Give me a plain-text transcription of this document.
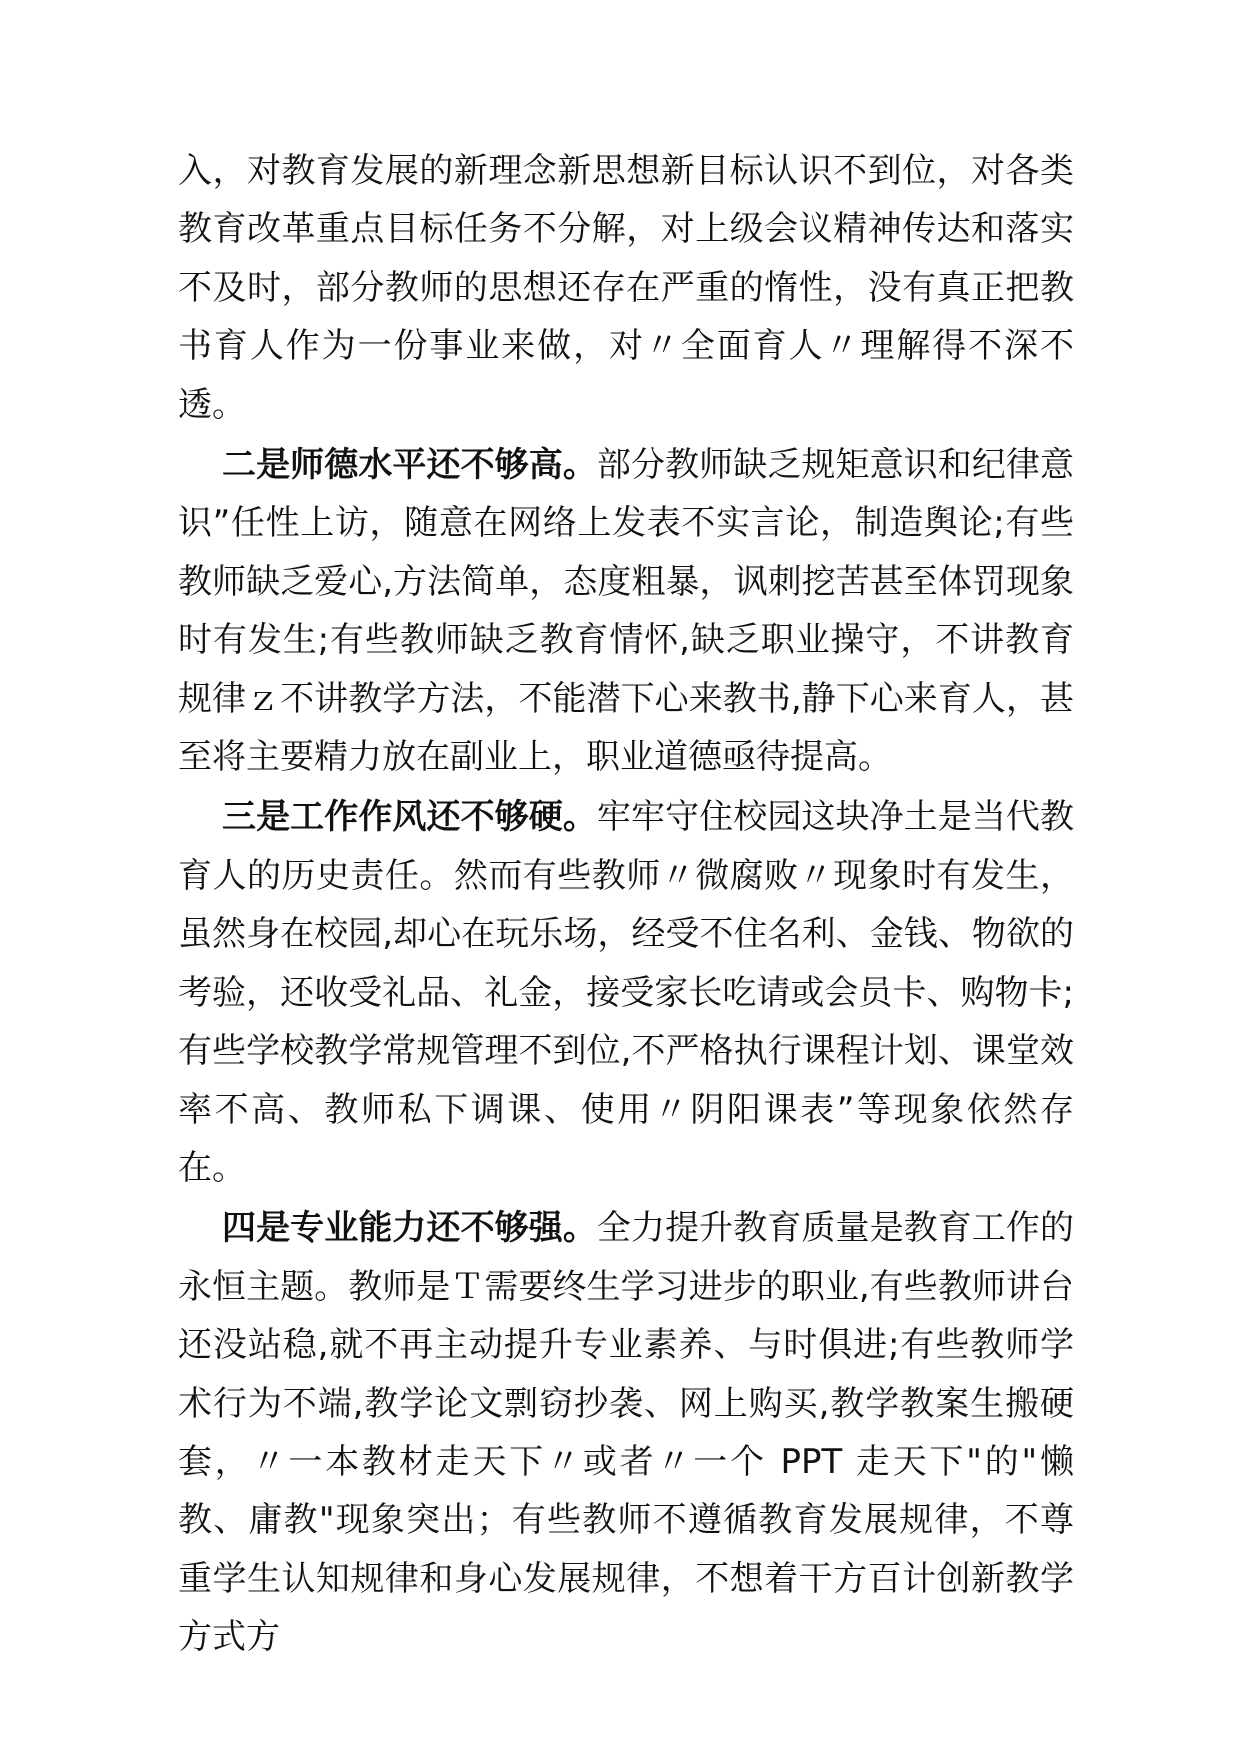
入，对教育发展的新理念新思想新目标认识不到位，对各类教育改革重点目标任务不分解，对上级会议精神传达和落实不及时，部分教师的思想还存在严重的惰性，没有真正把教书育人作为一份事业来做，对〃全面育人〃理解得不深不透。

二是师德水平还不够高。部分教师缺乏规矩意识和纪律意识”任性上访，随意在网络上发表不实言论，制造舆论;有些教师缺乏爱心,方法简单，态度粗暴，讽刺挖苦甚至体罚现象时有发生;有些教师缺乏教育情怀,缺乏职业操守，不讲教育规律ｚ不讲教学方法，不能潜下心来教书,静下心来育人，甚至将主要精力放在副业上，职业道德亟待提高。

三是工作作风还不够硬。牢牢守住校园这块净土是当代教育人的历史责任。然而有些教师〃微腐败〃现象时有发生，虽然身在校园,却心在玩乐场，经受不住名利、金钱、物欲的考验，还收受礼品、礼金，接受家长吃请或会员卡、购物卡;有些学校教学常规管理不到位,不严格执行课程计划、课堂效率不高、教师私下调课、使用〃阴阳课表”等现象依然存在。

四是专业能力还不够强。全力提升教育质量是教育工作的永恒主题。教师是Ｔ需要终生学习进步的职业,有些教师讲台还没站稳,就不再主动提升专业素养、与时俱进;有些教师学术行为不端,教学论文剽窃抄袭、网上购买,教学教案生搬硬套，〃一本教材走天下〃或者〃一个 PPT 走天下"的"懒教、庸教"现象突出；有些教师不遵循教育发展规律，不尊重学生认知规律和身心发展规律，不想着干方百计创新教学方式方
